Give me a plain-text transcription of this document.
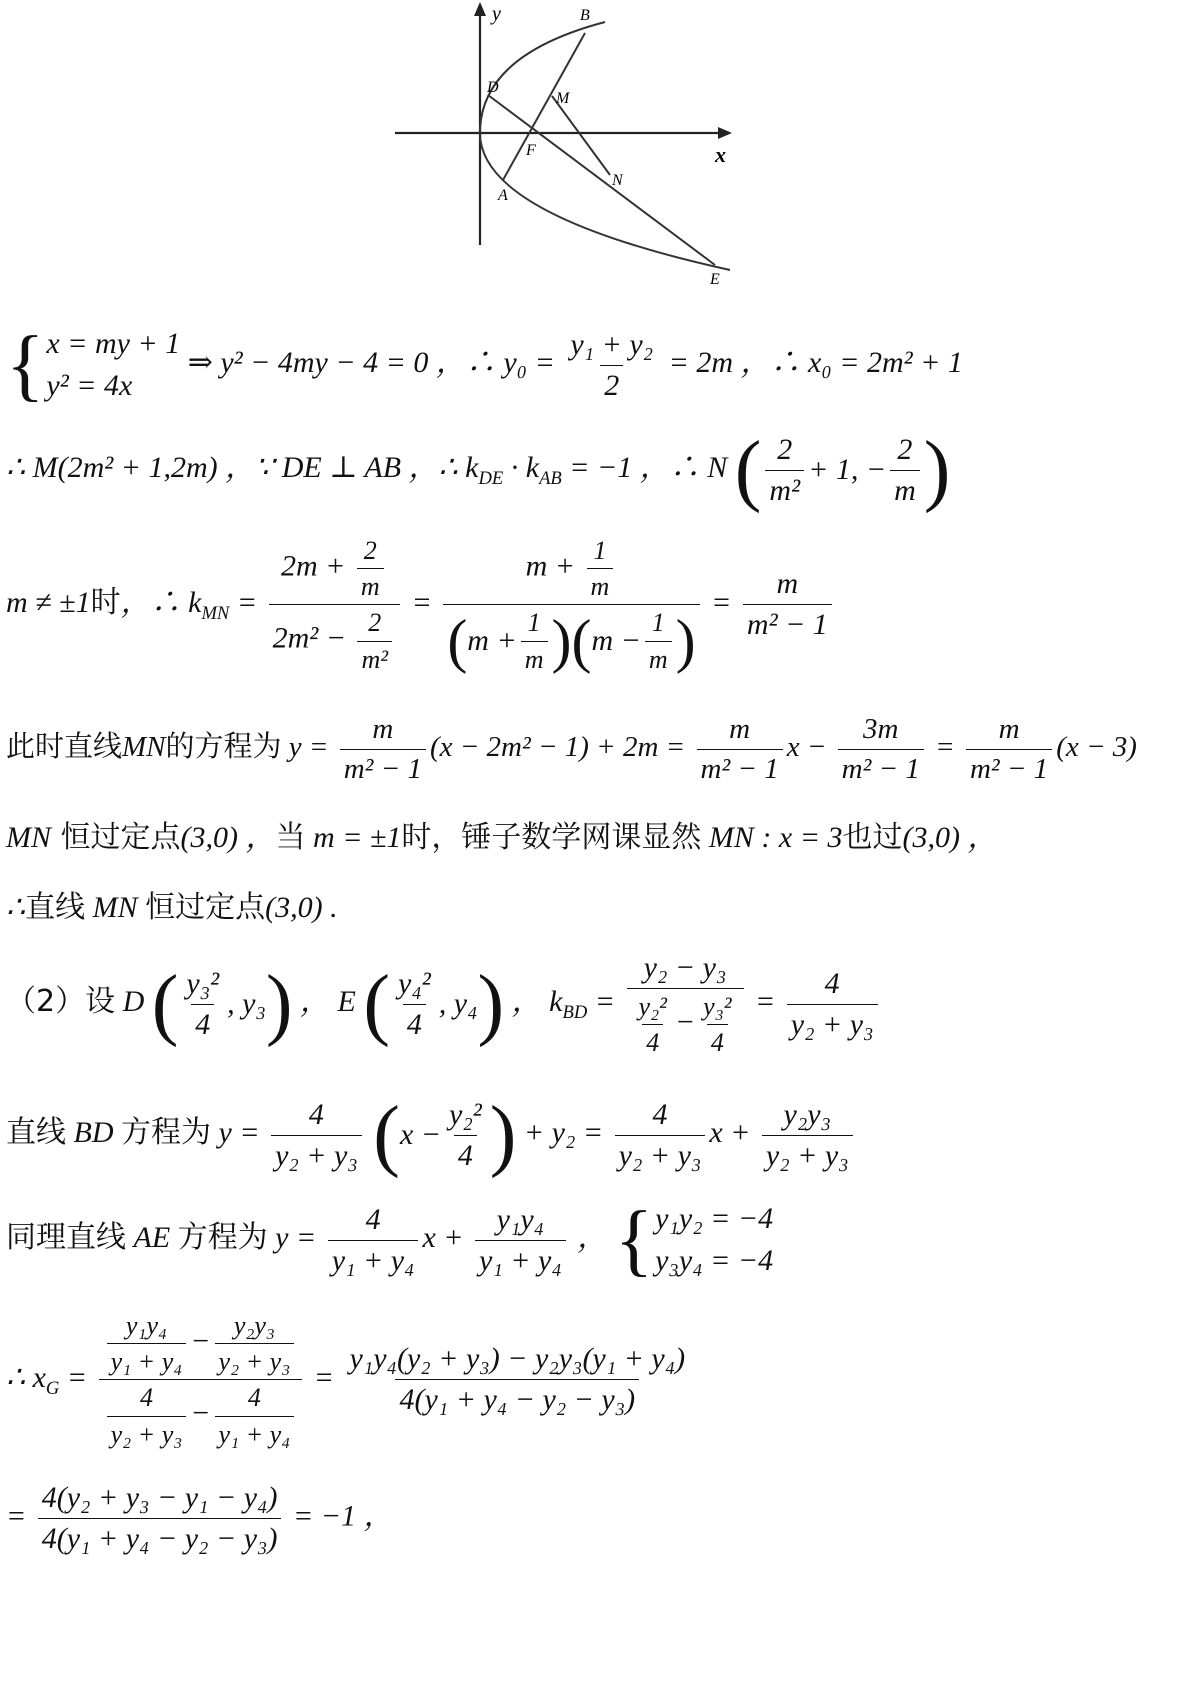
y
x
B
D
M
F
N
A
E
{ x = my + 1
y² = 4x
⇒ y² − 4my − 4 = 0 ，∴ $y_0 = \frac{\text{y₁ + y₂}}{2} = 2m$ ，∴ x₀ = 2m² + 1
∴ M(2m² + 1,2m) ，∵ DE ⊥ AB ，∴ $k_{DE} \cdot k_{AB} = -1$ ，∴ N ( $\frac{2}{\text{m²}} + 1$, − $\frac{2}{m}$ )
m ≠ ±1时，∴ $k_{MN} = \frac{2m + \frac{2}{m}}{2m^2 - \frac{2}{\text{m²}}} = \frac{m + \frac{1}{m}}{( m + \frac{1}{m} ) ( m - \frac{1}{m} )} = \frac{m}{\text{m² − 1}}$
此时直线MN的方程为 $y = \frac{m}{\text{m² − 1}} (x - 2m^2 - 1) + 2m = \frac{m}{\text{m² − 1}}$ $x - \frac{3m}{\text{m² − 1}} = \frac{m}{\text{m² − 1}} (x - 3)$
MN 恒过定点(3,0) ，当 m = ±1时，锤子数学网课显然 MN : x = 3也过(3,0) ，
∴直线 MN 恒过定点(3,0) .
（2）设 D ( $\frac{\text{y₃²}}{4}$ , y₃ ) ， E ( $\frac{\text{y₄²}}{4}$ , y₄ ) ， $k_{BD} = \frac{\text{y₂ − y₃}}{\frac{\text{y₂²}}{4} - \frac{\text{y₃²}}{4}} = \frac{4}{\text{y₂ + y₃}}$
直线 BD 方程为 $y = \frac{4}{\text{y₂ + y₃}}$
( $x - \frac{\text{y₂²}}{4}$ ) + $y_2 = \frac{4}{\text{y₂ + y₃}}$ $x + \frac{\text{y₂y₃}}{\text{y₂ + y₃}}$
同理直线 AE 方程为 $y = \frac{4}{\text{y₁ + y₄}}$ $x + \frac{\text{y₁y₄}}{\text{y₁ + y₄}}$ ， { y₁y₂ = −4
y₃y₄ = −4
∴ $x_G = \frac{\frac{\text{y₁y₄}}{\text{y₁ + y₄}} - \frac{\text{y₂y₃}}{\text{y₂ + y₃}}}{\frac{4}{\text{y₂ + y₃}} - \frac{4}{\text{y₁ + y₄}}} = \frac{\text{y₁y₄(y₂ + y₃) − y₂y₃(y₁ + y₄)}}{\text{4(y₁ + y₄ − y₂ − y₃)}}$
= $\frac{\text{4(y₂ + y₃ − y₁ − y₄)}}{\text{4(y₁ + y₄ − y₂ − y₃)}} = -1$ ，
